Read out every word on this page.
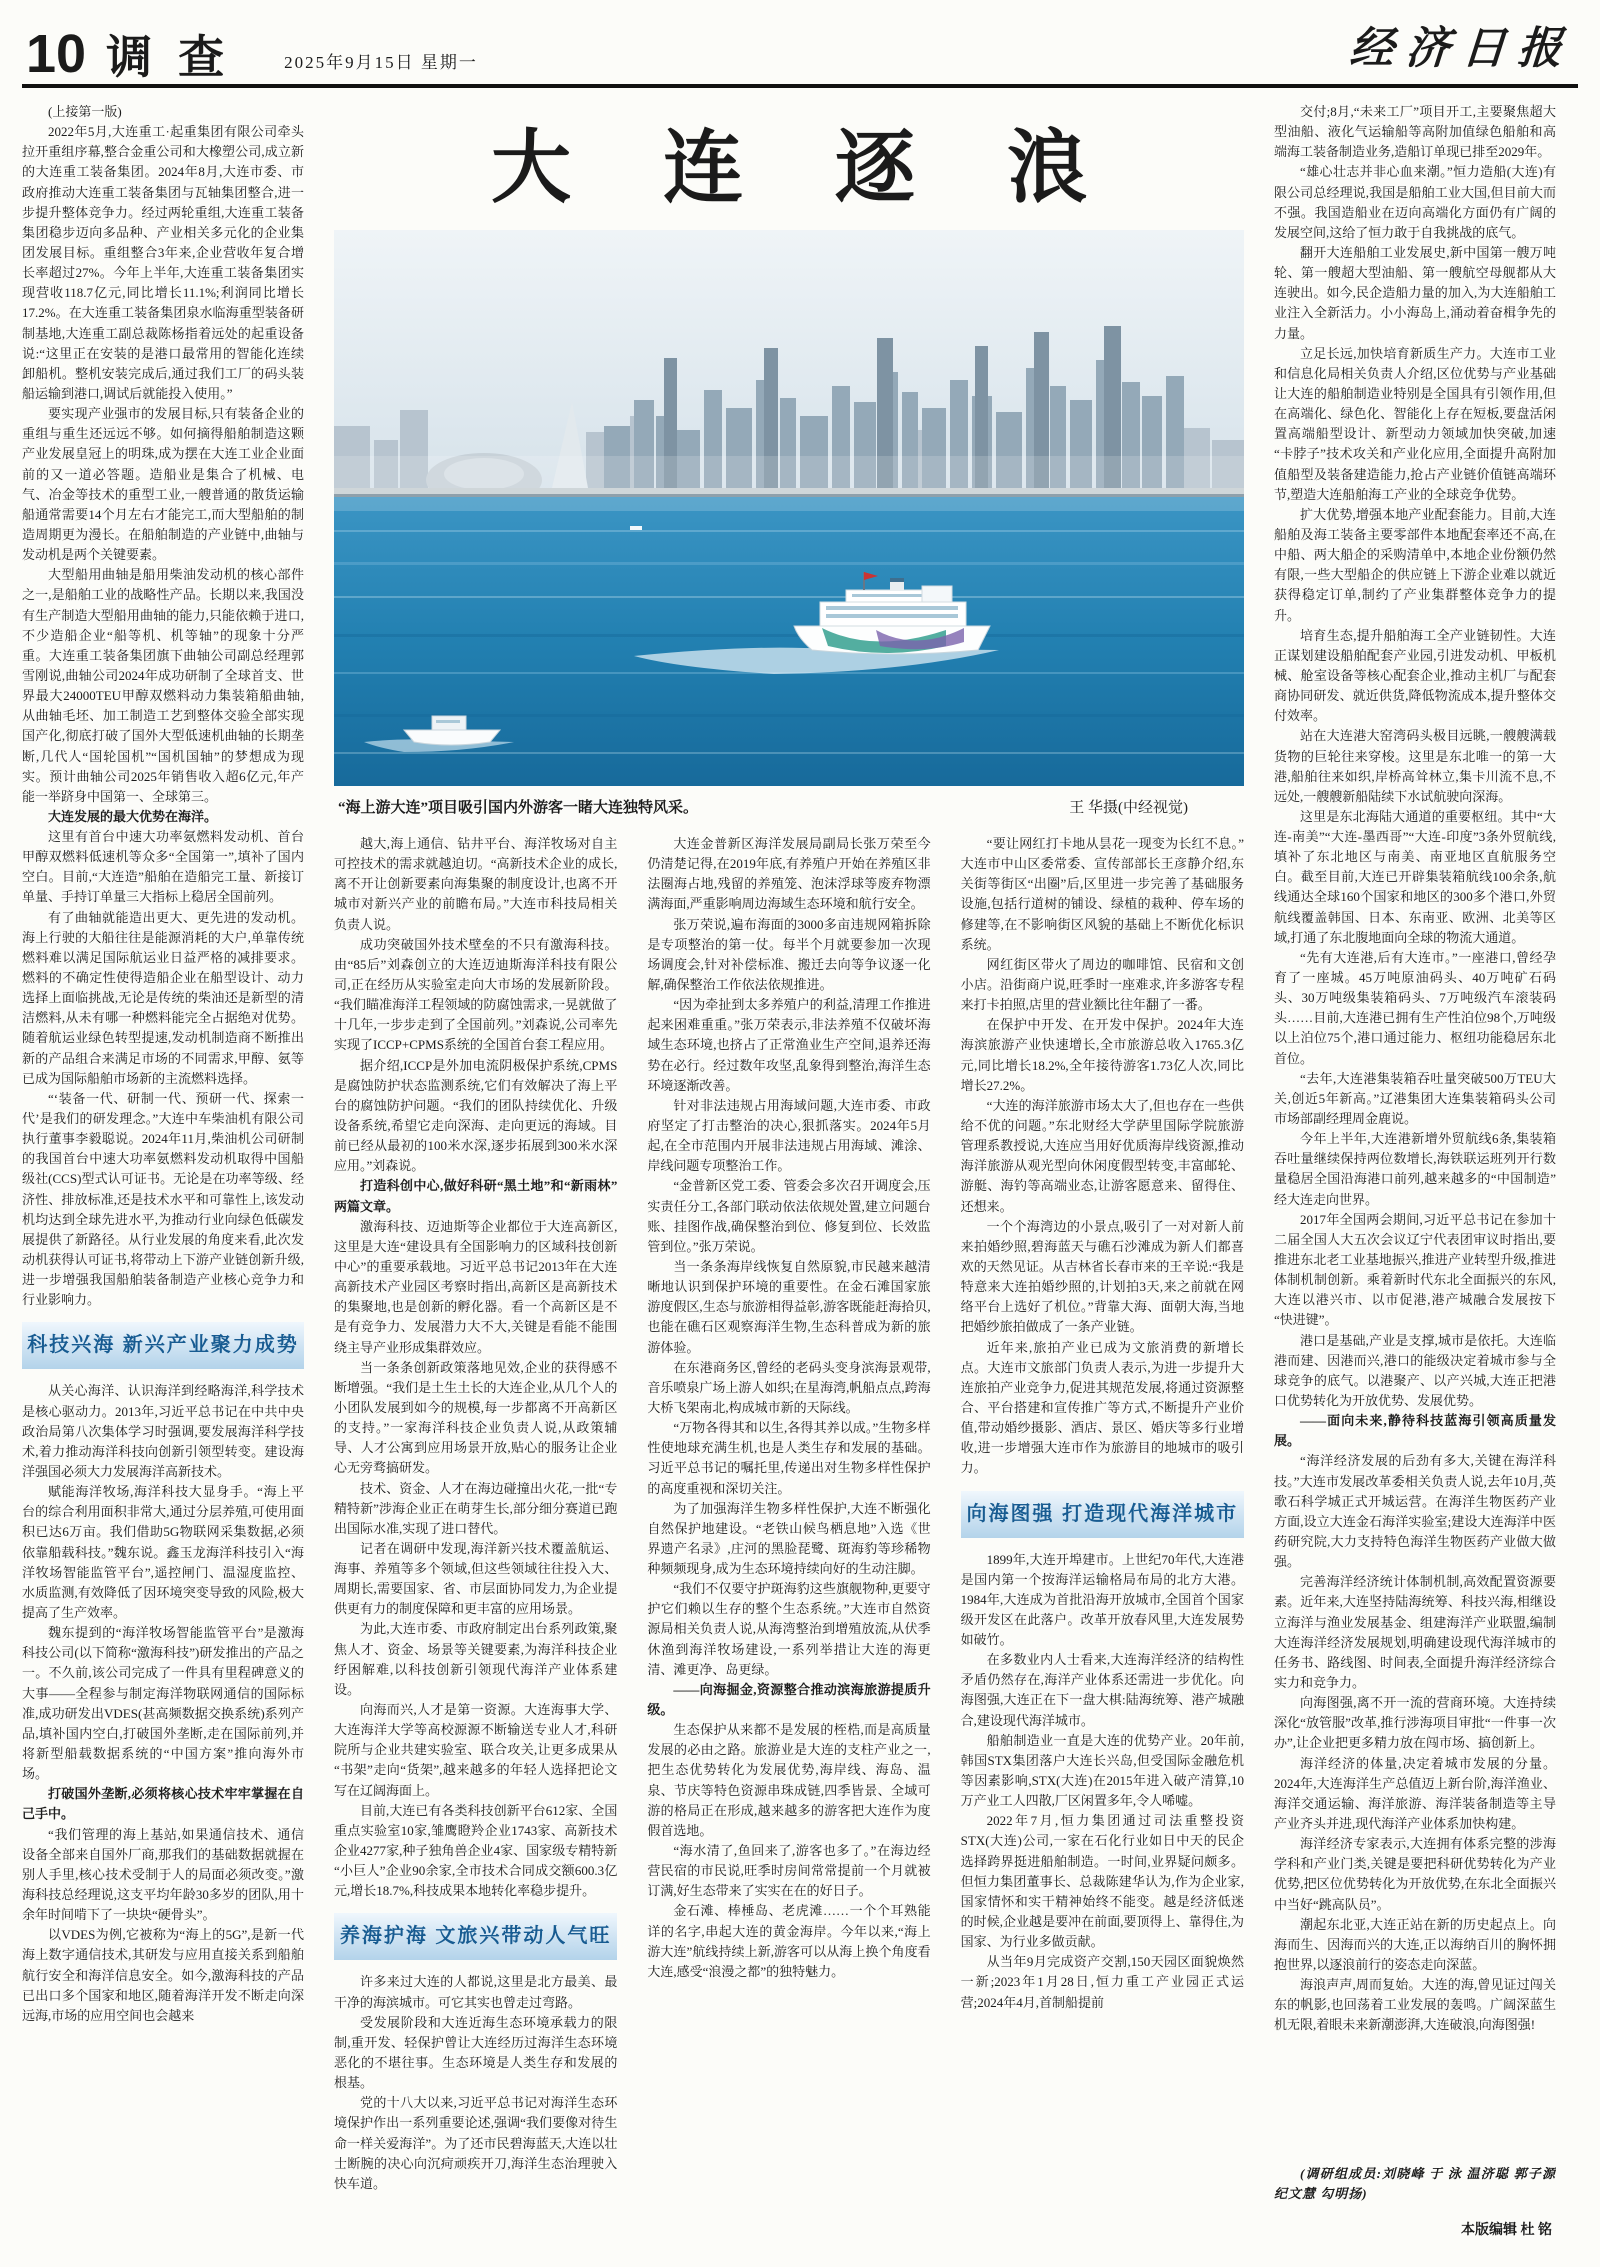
10 调查 2025年9月15日 星期一	经济日报

(上接第一版)

2022年5月,大连重工·起重集团有限公司牵头拉开重组序幕,整合金重公司和大橡塑公司,成立新的大连重工装备集团。2024年8月,大连市委、市政府推动大连重工装备集团与瓦轴集团整合,进一步提升整体竞争力。经过两轮重组,大连重工装备集团稳步迈向多品种、产业相关多元化的企业集团发展目标。重组整合3年来,企业营收年复合增长率超过27%。今年上半年,大连重工装备集团实现营收118.7亿元,同比增长11.1%;利润同比增长17.2%。在大连重工装备集团泉水临海重型装备研制基地,大连重工副总裁陈杨指着远处的起重设备说:“这里正在安装的是港口最常用的智能化连续卸船机。整机安装完成后,通过我们工厂的码头装船运输到港口,调试后就能投入使用。”

要实现产业强市的发展目标,只有装备企业的重组与重生还远远不够。如何摘得船舶制造这颗产业发展皇冠上的明珠,成为摆在大连工业企业面前的又一道必答题。造船业是集合了机械、电气、冶金等技术的重型工业,一艘普通的散货运输船通常需要14个月左右才能完工,而大型船舶的制造周期更为漫长。在船舶制造的产业链中,曲轴与发动机是两个关键要素。

大型船用曲轴是船用柴油发动机的核心部件之一,是船舶工业的战略性产品。长期以来,我国没有生产制造大型船用曲轴的能力,只能依赖于进口,不少造船企业“船等机、机等轴”的现象十分严重。大连重工装备集团旗下曲轴公司副总经理郭雪刚说,曲轴公司2024年成功研制了全球首支、世界最大24000TEU甲醇双燃料动力集装箱船曲轴,从曲轴毛坯、加工制造工艺到整体交验全部实现国产化,彻底打破了国外大型低速机曲轴的长期垄断,几代人“国轮国机”“国机国轴”的梦想成为现实。预计曲轴公司2025年销售收入超6亿元,年产能一举跻身中国第一、全球第三。

大连发展的最大优势在海洋。

这里有首台中速大功率氨燃料发动机、首台甲醇双燃料低速机等众多“全国第一”,填补了国内空白。目前,“大连造”船舶在造船完工量、新接订单量、手持订单量三大指标上稳居全国前列。

有了曲轴就能造出更大、更先进的发动机。海上行驶的大船往往是能源消耗的大户,单靠传统燃料难以满足国际航运业日益严格的减排要求。燃料的不确定性使得造船企业在船型设计、动力选择上面临挑战,无论是传统的柴油还是新型的清洁燃料,从未有哪一种燃料能完全占据绝对优势。随着航运业绿色转型提速,发动机制造商不断推出新的产品组合来满足市场的不同需求,甲醇、氨等已成为国际船舶市场新的主流燃料选择。

“‘装备一代、研制一代、预研一代、探索一代’是我们的研发理念。”大连中车柴油机有限公司执行董事李毅聪说。2024年11月,柴油机公司研制的我国首台中速大功率氨燃料发动机取得中国船级社(CCS)型式认可证书。无论是在功率等级、经济性、排放标准,还是技术水平和可靠性上,该发动机均达到全球先进水平,为推动行业向绿色低碳发展提供了新路径。从行业发展的角度来看,此次发动机获得认可证书,将带动上下游产业链创新升级,进一步增强我国船舶装备制造产业核心竞争力和行业影响力。

科技兴海 新兴产业聚力成势

从关心海洋、认识海洋到经略海洋,科学技术是核心驱动力。2013年,习近平总书记在中共中央政治局第八次集体学习时强调,要发展海洋科学技术,着力推动海洋科技向创新引领型转变。建设海洋强国必须大力发展海洋高新技术。

赋能海洋牧场,海洋科技大显身手。“海上平台的综合利用面积非常大,通过分层养殖,可使用面积已达6万亩。我们借助5G物联网采集数据,必须依靠船载科技。”魏东说。鑫玉龙海洋科技引入“海洋牧场智能监管平台”,遥控闸门、温湿度监控、水质监测,有效降低了因环境突变导致的风险,极大提高了生产效率。

魏东提到的“海洋牧场智能监管平台”是激海科技公司(以下简称“激海科技”)研发推出的产品之一。不久前,该公司完成了一件具有里程碑意义的大事——全程参与制定海洋物联网通信的国际标准,成功研发出VDES(甚高频数据交换系统)系列产品,填补国内空白,打破国外垄断,走在国际前列,并将新型船载数据系统的“中国方案”推向海外市场。

打破国外垄断,必须将核心技术牢牢掌握在自己手中。

“我们管理的海上基站,如果通信技术、通信设备全部来自国外厂商,那我们的基础数据就握在别人手里,核心技术受制于人的局面必须改变。”激海科技总经理说,这支平均年龄30多岁的团队,用十余年时间啃下了一块块“硬骨头”。

以VDES为例,它被称为“海上的5G”,是新一代海上数字通信技术,其研发与应用直接关系到船舶航行安全和海洋信息安全。如今,激海科技的产品已出口多个国家和地区,随着海洋开发不断走向深远海,市场的应用空间也会越来

大连逐浪
“海上游大连”项目吸引国内外游客一睹大连独特风采。	王 华摄(中经视觉)

越大,海上通信、钻井平台、海洋牧场对自主可控技术的需求就越迫切。“高新技术企业的成长,离不开让创新要素向海集聚的制度设计,也离不开城市对新兴产业的前瞻布局。”大连市科技局相关负责人说。

成功突破国外技术壁垒的不只有激海科技。由“85后”刘森创立的大连迈迪斯海洋科技有限公司,正在经历从实验室走向大市场的发展新阶段。“我们瞄准海洋工程领域的防腐蚀需求,一晃就做了十几年,一步步走到了全国前列。”刘森说,公司率先实现了ICCP+CPMS系统的全国首台套工程应用。

据介绍,ICCP是外加电流阴极保护系统,CPMS是腐蚀防护状态监测系统,它们有效解决了海上平台的腐蚀防护问题。“我们的团队持续优化、升级设备系统,希望它走向深海、走向更远的海域。目前已经从最初的100米水深,逐步拓展到300米水深应用。”刘森说。

打造科创中心,做好科研“黑土地”和“新雨林”两篇文章。

激海科技、迈迪斯等企业都位于大连高新区,这里是大连“建设具有全国影响力的区域科技创新中心”的重要承载地。习近平总书记2013年在大连高新技术产业园区考察时指出,高新区是高新技术的集聚地,也是创新的孵化器。看一个高新区是不是有竞争力、发展潜力大不大,关键是看能不能围绕主导产业形成集群效应。

当一条条创新政策落地见效,企业的获得感不断增强。“我们是土生土长的大连企业,从几个人的小团队发展到如今的规模,每一步都离不开高新区的支持。”一家海洋科技企业负责人说,从政策辅导、人才公寓到应用场景开放,贴心的服务让企业心无旁骛搞研发。

技术、资金、人才在海边碰撞出火花,一批“专精特新”涉海企业正在萌芽生长,部分细分赛道已跑出国际水准,实现了进口替代。

记者在调研中发现,海洋新兴技术覆盖航运、海事、养殖等多个领域,但这些领域往往投入大、周期长,需要国家、省、市层面协同发力,为企业提供更有力的制度保障和更丰富的应用场景。

为此,大连市委、市政府制定出台系列政策,聚焦人才、资金、场景等关键要素,为海洋科技企业纾困解难,以科技创新引领现代海洋产业体系建设。

向海而兴,人才是第一资源。大连海事大学、大连海洋大学等高校源源不断输送专业人才,科研院所与企业共建实验室、联合攻关,让更多成果从“书架”走向“货架”,越来越多的年轻人选择把论文写在辽阔海面上。

目前,大连已有各类科技创新平台612家、全国重点实验室10家,雏鹰瞪羚企业1743家、高新技术企业4277家,种子独角兽企业4家、国家级专精特新“小巨人”企业90余家,全市技术合同成交额600.3亿元,增长18.7%,科技成果本地转化率稳步提升。

养海护海 文旅兴带动人气旺

许多来过大连的人都说,这里是北方最美、最干净的海滨城市。可它其实也曾走过弯路。

受发展阶段和大连近海生态环境承载力的限制,重开发、轻保护曾让大连经历过海洋生态环境恶化的不堪往事。生态环境是人类生存和发展的根基。

党的十八大以来,习近平总书记对海洋生态环境保护作出一系列重要论述,强调“我们要像对待生命一样关爱海洋”。为了还市民碧海蓝天,大连以壮士断腕的决心向沉疴顽疾开刀,海洋生态治理驶入快车道。

大连金普新区海洋发展局副局长张万荣至今仍清楚记得,在2019年底,有养殖户开始在养殖区非法圈海占地,残留的养殖笼、泡沫浮球等废弃物漂满海面,严重影响周边海域生态环境和航行安全。

张万荣说,遍布海面的3000多亩违规网箱拆除是专项整治的第一仗。每半个月就要参加一次现场调度会,针对补偿标准、搬迁去向等争议逐一化解,确保整治工作依法依规推进。

“因为牵扯到太多养殖户的利益,清理工作推进起来困难重重。”张万荣表示,非法养殖不仅破坏海域生态环境,也挤占了正常渔业生产空间,退养还海势在必行。经过数年攻坚,乱象得到整治,海洋生态环境逐渐改善。

针对非法违规占用海域问题,大连市委、市政府坚定了打击整治的决心,狠抓落实。2024年5月起,在全市范围内开展非法违规占用海域、滩涂、岸线问题专项整治工作。

“金普新区党工委、管委会多次召开调度会,压实责任分工,各部门联动依法依规处置,建立问题台账、挂图作战,确保整治到位、修复到位、长效监管到位。”张万荣说。

当一条条海岸线恢复自然原貌,市民越来越清晰地认识到保护环境的重要性。在金石滩国家旅游度假区,生态与旅游相得益彰,游客既能赶海拾贝,也能在礁石区观察海洋生物,生态科普成为新的旅游体验。

在东港商务区,曾经的老码头变身滨海景观带,音乐喷泉广场上游人如织;在星海湾,帆船点点,跨海大桥飞架南北,构成城市新的天际线。

“万物各得其和以生,各得其养以成。”生物多样性使地球充满生机,也是人类生存和发展的基础。习近平总书记的嘱托里,传递出对生物多样性保护的高度重视和深切关注。

为了加强海洋生物多样性保护,大连不断强化自然保护地建设。“老铁山候鸟栖息地”入选《世界遗产名录》,庄河的黑脸琵鹭、斑海豹等珍稀物种频频现身,成为生态环境持续向好的生动注脚。

“我们不仅要守护斑海豹这些旗舰物种,更要守护它们赖以生存的整个生态系统。”大连市自然资源局相关负责人说,从海湾整治到增殖放流,从伏季休渔到海洋牧场建设,一系列举措让大连的海更清、滩更净、岛更绿。

——向海掘金,资源整合推动滨海旅游提质升级。

生态保护从来都不是发展的桎梏,而是高质量发展的必由之路。旅游业是大连的支柱产业之一,把生态优势转化为发展优势,海岸线、海岛、温泉、节庆等特色资源串珠成链,四季皆景、全域可游的格局正在形成,越来越多的游客把大连作为度假首选地。

“海水清了,鱼回来了,游客也多了。”在海边经营民宿的市民说,旺季时房间常常提前一个月就被订满,好生态带来了实实在在的好日子。

金石滩、棒棰岛、老虎滩……一个个耳熟能详的名字,串起大连的黄金海岸。今年以来,“海上游大连”航线持续上新,游客可以从海上换个角度看大连,感受“浪漫之都”的独特魅力。

“要让网红打卡地从昙花一现变为长红不息。”大连市中山区委常委、宣传部部长王彦静介绍,东关街等街区“出圈”后,区里进一步完善了基础服务设施,包括行道树的铺设、绿植的栽种、停车场的修建等,在不影响街区风貌的基础上不断优化标识系统。

网红街区带火了周边的咖啡馆、民宿和文创小店。沿街商户说,旺季时一座难求,许多游客专程来打卡拍照,店里的营业额比往年翻了一番。

在保护中开发、在开发中保护。2024年大连海滨旅游产业快速增长,全市旅游总收入1765.3亿元,同比增长18.2%,全年接待游客1.73亿人次,同比增长27.2%。

“大连的海洋旅游市场太大了,但也存在一些供给不优的问题。”东北财经大学萨里国际学院旅游管理系教授说,大连应当用好优质海岸线资源,推动海洋旅游从观光型向休闲度假型转变,丰富邮轮、游艇、海钓等高端业态,让游客愿意来、留得住、还想来。

一个个海湾边的小景点,吸引了一对对新人前来拍婚纱照,碧海蓝天与礁石沙滩成为新人们都喜欢的天然见证。从吉林省长春市来的王辛说:“我是特意来大连拍婚纱照的,计划拍3天,来之前就在网络平台上选好了机位。”背靠大海、面朝大海,当地把婚纱旅拍做成了一条产业链。

近年来,旅拍产业已成为文旅消费的新增长点。大连市文旅部门负责人表示,为进一步提升大连旅拍产业竞争力,促进其规范发展,将通过资源整合、平台搭建和宣传推广等方式,不断提升产业价值,带动婚纱摄影、酒店、景区、婚庆等多行业增收,进一步增强大连市作为旅游目的地城市的吸引力。

向海图强 打造现代海洋城市

1899年,大连开埠建市。上世纪70年代,大连港是国内第一个按海洋运输格局布局的北方大港。1984年,大连成为首批沿海开放城市,全国首个国家级开发区在此落户。改革开放春风里,大连发展势如破竹。

在多数业内人士看来,大连海洋经济的结构性矛盾仍然存在,海洋产业体系还需进一步优化。向海图强,大连正在下一盘大棋:陆海统筹、港产城融合,建设现代海洋城市。

船舶制造业一直是大连的优势产业。20年前,韩国STX集团落户大连长兴岛,但受国际金融危机等因素影响,STX(大连)在2015年进入破产清算,10万产业工人四散,厂区闲置多年,令人唏嘘。

2022年7月,恒力集团通过司法重整投资STX(大连)公司,一家在石化行业如日中天的民企选择跨界挺进船舶制造。一时间,业界疑问颇多。但恒力集团董事长、总裁陈建华认为,作为企业家,国家情怀和实干精神始终不能变。越是经济低迷的时候,企业越是要冲在前面,要顶得上、靠得住,为国家、为行业多做贡献。

从当年9月完成资产交割,150天园区面貌焕然一新;2023年1月28日,恒力重工产业园正式运营;2024年4月,首制船提前

交付;8月,“未来工厂”项目开工,主要聚焦超大型油船、液化气运输船等高附加值绿色船舶和高端海工装备制造业务,造船订单现已排至2029年。

“雄心壮志并非心血来潮。”恒力造船(大连)有限公司总经理说,我国是船舶工业大国,但目前大而不强。我国造船业在迈向高端化方面仍有广阔的发展空间,这给了恒力敢于自我挑战的底气。

翻开大连船舶工业发展史,新中国第一艘万吨轮、第一艘超大型油船、第一艘航空母舰都从大连驶出。如今,民企造船力量的加入,为大连船舶工业注入全新活力。小小海岛上,涌动着奋楫争先的力量。

立足长远,加快培育新质生产力。大连市工业和信息化局相关负责人介绍,区位优势与产业基础让大连的船舶制造业特别是全国具有引领作用,但在高端化、绿色化、智能化上存在短板,要盘活闲置高端船型设计、新型动力领域加快突破,加速“卡脖子”技术攻关和产业化应用,全面提升高附加值船型及装备建造能力,抢占产业链价值链高端环节,塑造大连船舶海工产业的全球竞争优势。

扩大优势,增强本地产业配套能力。目前,大连船舶及海工装备主要零部件本地配套率还不高,在中船、两大船企的采购清单中,本地企业份额仍然有限,一些大型船企的供应链上下游企业难以就近获得稳定订单,制约了产业集群整体竞争力的提升。

培育生态,提升船舶海工全产业链韧性。大连正谋划建设船舶配套产业园,引进发动机、甲板机械、舱室设备等核心配套企业,推动主机厂与配套商协同研发、就近供货,降低物流成本,提升整体交付效率。

站在大连港大窑湾码头极目远眺,一艘艘满载货物的巨轮往来穿梭。这里是东北唯一的第一大港,船舶往来如织,岸桥高耸林立,集卡川流不息,不远处,一艘艘新船陆续下水试航驶向深海。

这里是东北海陆大通道的重要枢纽。其中“大连-南美”“大连-墨西哥”“大连-印度”3条外贸航线,填补了东北地区与南美、南亚地区直航服务空白。截至目前,大连已开辟集装箱航线100余条,航线通达全球160个国家和地区的300多个港口,外贸航线覆盖韩国、日本、东南亚、欧洲、北美等区域,打通了东北腹地面向全球的物流大通道。

“先有大连港,后有大连市。”一座港口,曾经孕育了一座城。45万吨原油码头、40万吨矿石码头、30万吨级集装箱码头、7万吨级汽车滚装码头……目前,大连港已拥有生产性泊位98个,万吨级以上泊位75个,港口通过能力、枢纽功能稳居东北首位。

“去年,大连港集装箱吞吐量突破500万TEU大关,创近5年新高。”辽港集团大连集装箱码头公司市场部副经理周金鹿说。

今年上半年,大连港新增外贸航线6条,集装箱吞吐量继续保持两位数增长,海铁联运班列开行数量稳居全国沿海港口前列,越来越多的“中国制造”经大连走向世界。

2017年全国两会期间,习近平总书记在参加十二届全国人大五次会议辽宁代表团审议时指出,要推进东北老工业基地振兴,推进产业转型升级,推进体制机制创新。乘着新时代东北全面振兴的东风,大连以港兴市、以市促港,港产城融合发展按下“快进键”。

港口是基础,产业是支撑,城市是依托。大连临港而建、因港而兴,港口的能级决定着城市参与全球竞争的底气。以港聚产、以产兴城,大连正把港口优势转化为开放优势、发展优势。

——面向未来,静待科技蓝海引领高质量发展。

“海洋经济发展的后劲有多大,关键在海洋科技。”大连市发展改革委相关负责人说,去年10月,英歌石科学城正式开城运营。在海洋生物医药产业方面,设立大连金石海洋实验室;建设大连海洋中医药研究院,大力支持特色海洋生物医药产业做大做强。

完善海洋经济统计体制机制,高效配置资源要素。近年来,大连坚持陆海统筹、科技兴海,相继设立海洋与渔业发展基金、组建海洋产业联盟,编制大连海洋经济发展规划,明确建设现代海洋城市的任务书、路线图、时间表,全面提升海洋经济综合实力和竞争力。

向海图强,离不开一流的营商环境。大连持续深化“放管服”改革,推行涉海项目审批“一件事一次办”,让企业把更多精力放在闯市场、搞创新上。

海洋经济的体量,决定着城市发展的分量。2024年,大连海洋生产总值迈上新台阶,海洋渔业、海洋交通运输、海洋旅游、海洋装备制造等主导产业齐头并进,现代海洋产业体系加快构建。

海洋经济专家表示,大连拥有体系完整的涉海学科和产业门类,关键是要把科研优势转化为产业优势,把区位优势转化为开放优势,在东北全面振兴中当好“跳高队员”。

潮起东北亚,大连正站在新的历史起点上。向海而生、因海而兴的大连,正以海纳百川的胸怀拥抱世界,以逐浪前行的姿态走向深蓝。

海浪声声,周而复始。大连的海,曾见证过闯关东的帆影,也回荡着工业发展的轰鸣。广阔深蓝生机无限,着眼未来新潮澎湃,大连破浪,向海图强!

(调研组成员:刘晓峰 于 泳 温济聪 郭子源 纪文慧 勾明扬)

本版编辑 杜 铭
